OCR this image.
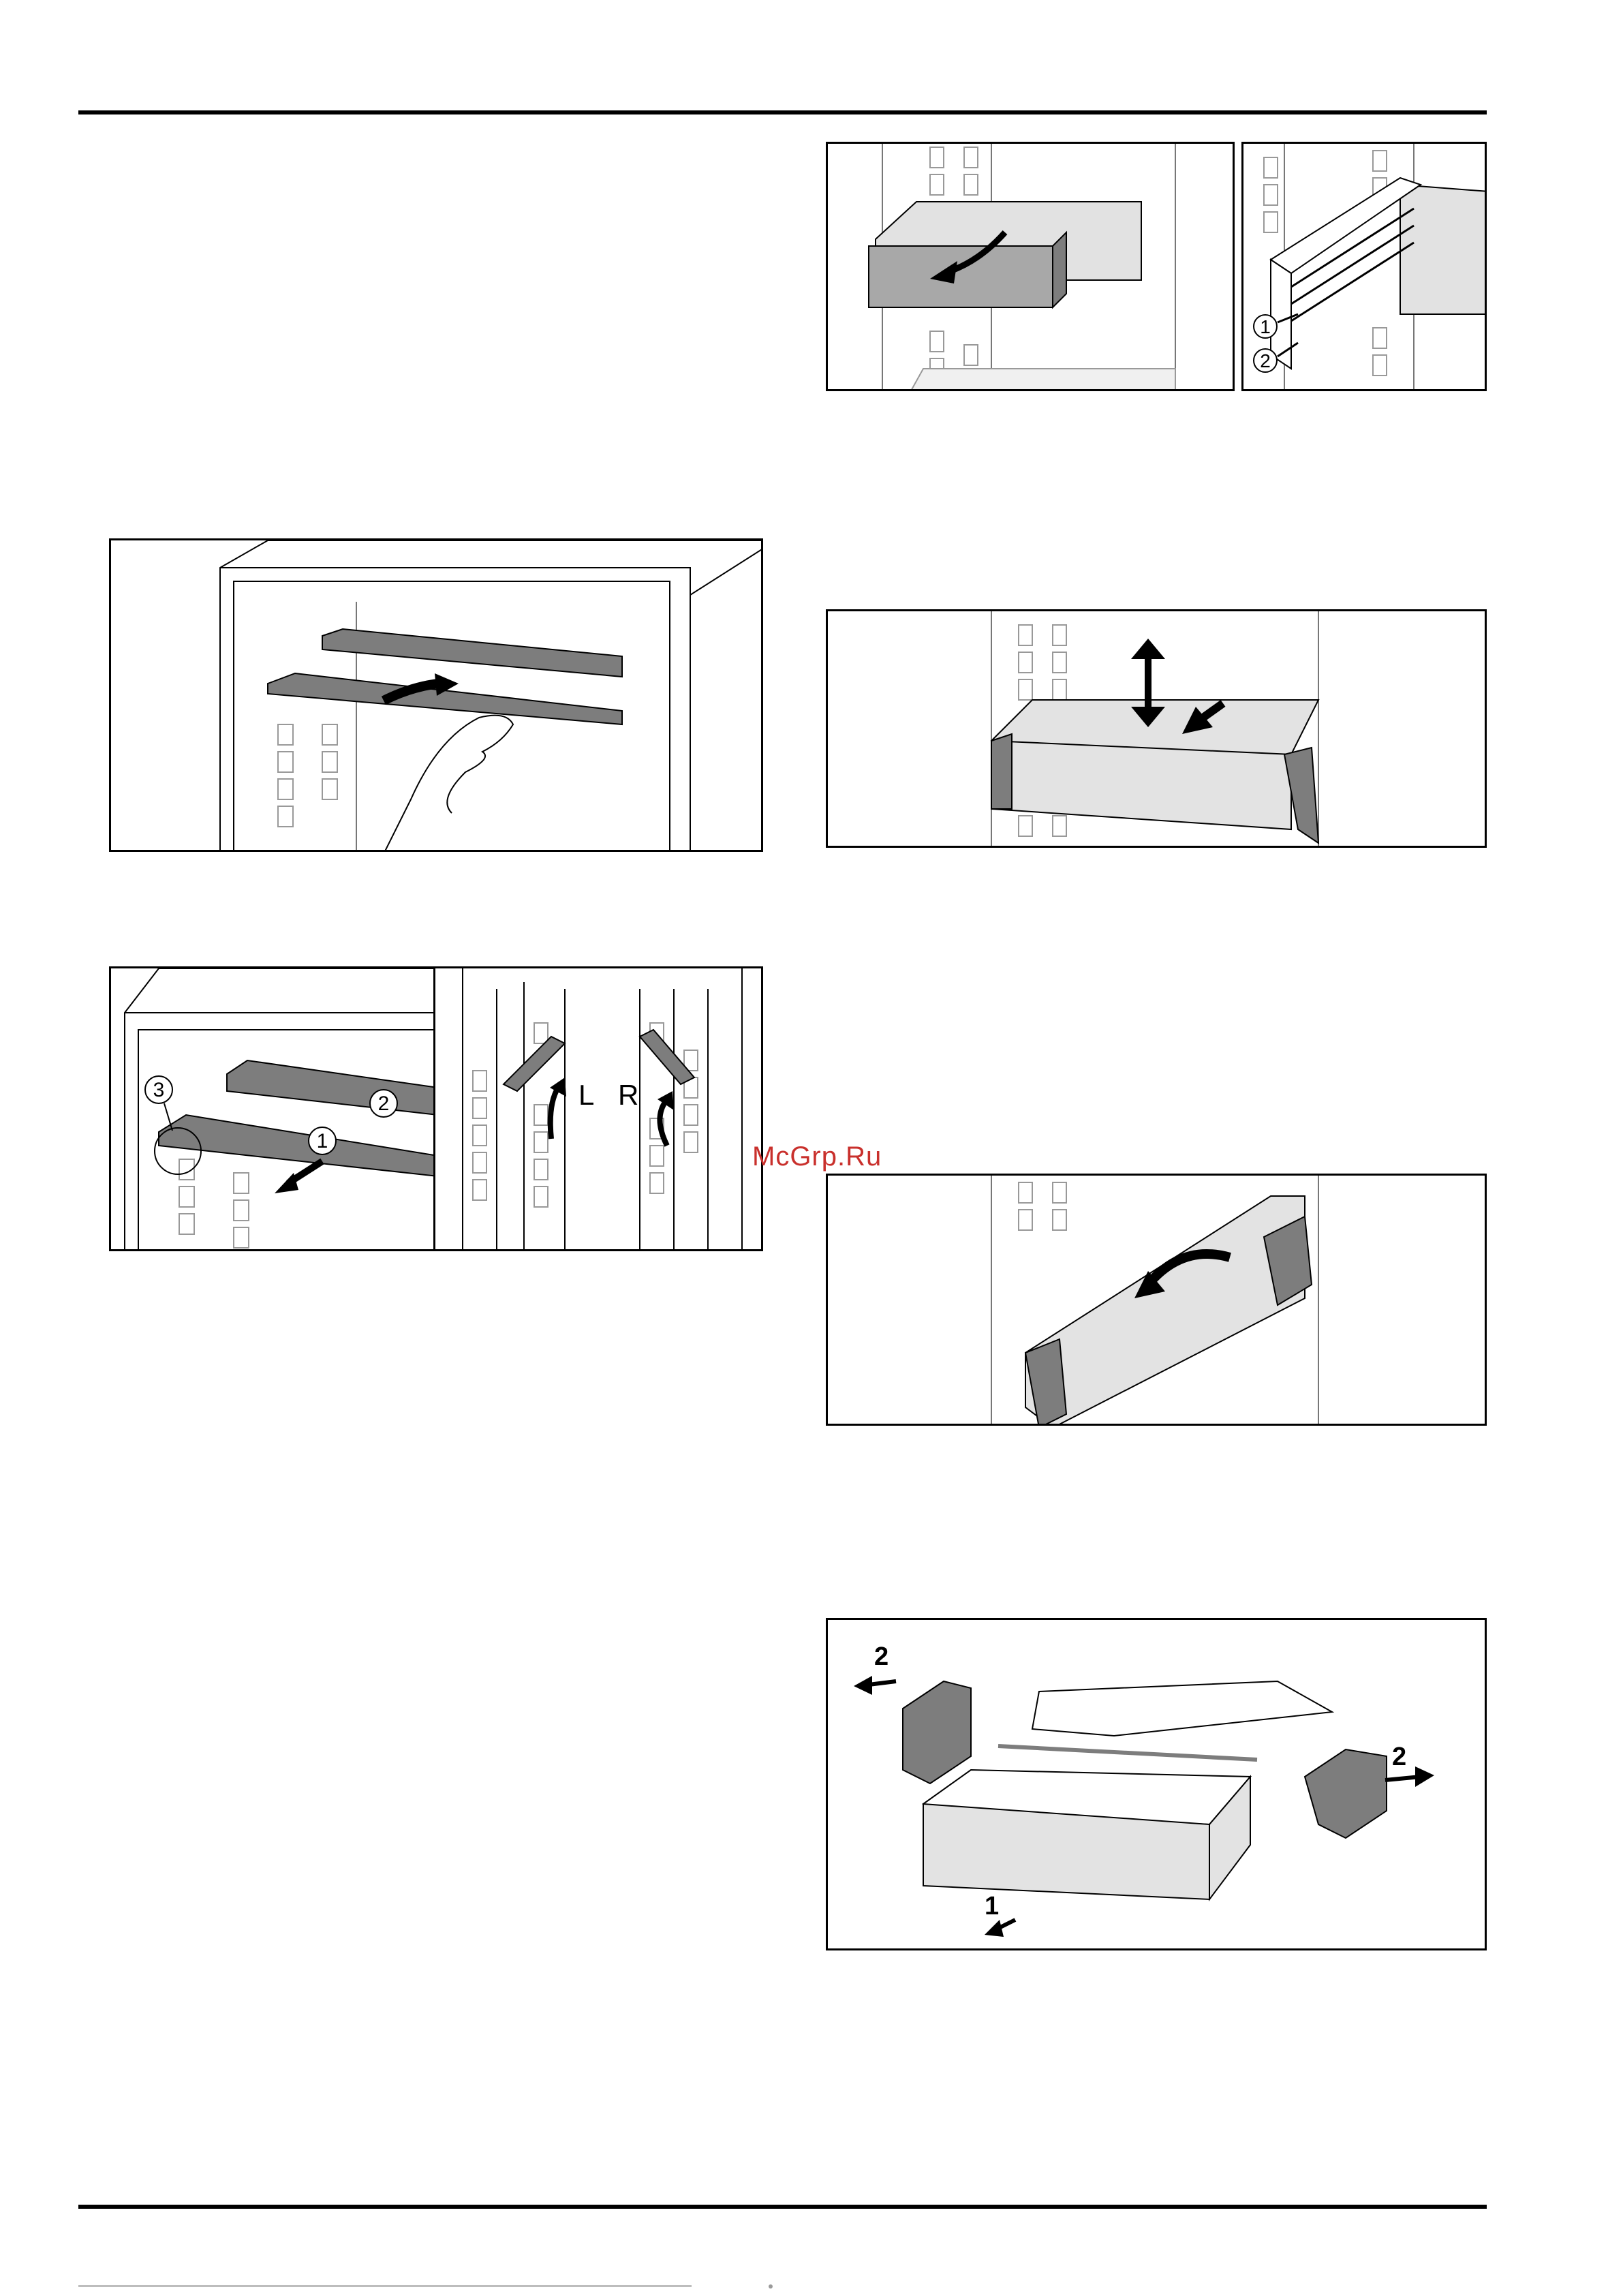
1
2
2
1
3	L R
2
2
1
McGrp.Ru
